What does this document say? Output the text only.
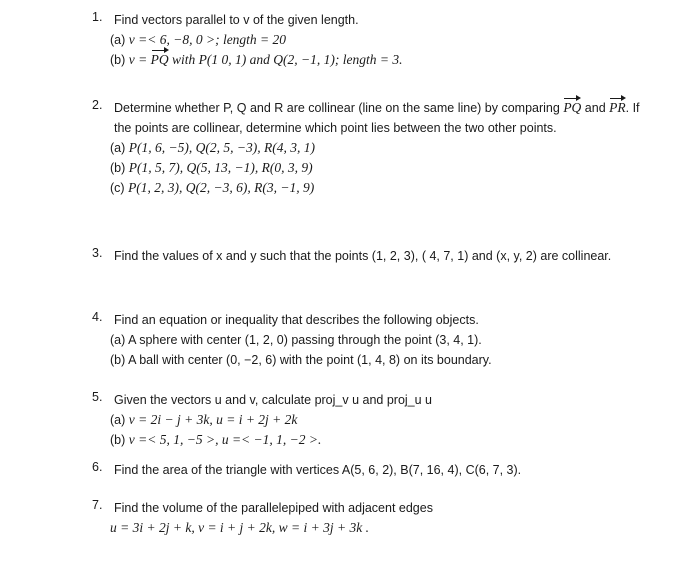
1. Find vectors parallel to v of the given length.
(a) v =< 6, −8, 0 >; length = 20
(b) v = PQ with P(1 0, 1) and Q(2, −1, 1); length = 3.
2. Determine whether P, Q and R are collinear (line on the same line) by comparing PQ and PR. If the points are collinear, determine which point lies between the two other points.
(a) P(1, 6, −5), Q(2, 5, −3), R(4, 3, 1)
(b) P(1, 5, 7), Q(5, 13, −1), R(0, 3, 9)
(c) P(1, 2, 3), Q(2, −3, 6), R(3, −1, 9)
3. Find the values of x and y such that the points (1, 2, 3), ( 4, 7, 1) and (x, y, 2) are collinear.
4. Find an equation or inequality that describes the following objects.
(a) A sphere with center (1, 2, 0) passing through the point (3, 4, 1).
(b) A ball with center (0, −2, 6) with the point (1, 4, 8) on its boundary.
5. Given the vectors u and v, calculate proj_v u and proj_u u
(a) v = 2i − j + 3k, u = i + 2j + 2k
(b) v =< 5, 1, −5 >, u =< −1, 1, −2 >.
6. Find the area of the triangle with vertices A(5, 6, 2), B(7, 16, 4), C(6, 7, 3).
7. Find the volume of the parallelepiped with adjacent edges
u = 3i + 2j + k, v = i + j + 2k, w = i + 3j + 3k .
